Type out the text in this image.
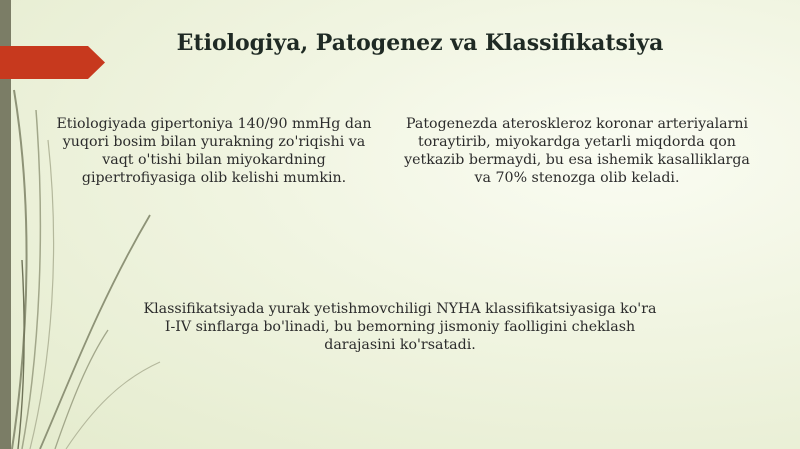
Etiologiya, Patogenez va Klassifikatsiya

Etiologiyada gipertoniya 140/90 mmHg dan yuqori bosim bilan yurakning zo'riqishi va vaqt o'tishi bilan miyokardning gipertrofiyasiga olib kelishi mumkin.

Patogenezda ateroskleroz koronar arteriyalarni toraytirib, miyokardga yetarli miqdorda qon yetkazib bermaydi, bu esa ishemik kasalliklarga va 70% stenozga olib keladi.

Klassifikatsiyada yurak yetishmovchiligi NYHA klassifikatsiyasiga ko'ra I-IV sinflarga bo'linadi, bu bemorning jismoniy faolligini cheklash darajasini ko'rsatadi.
